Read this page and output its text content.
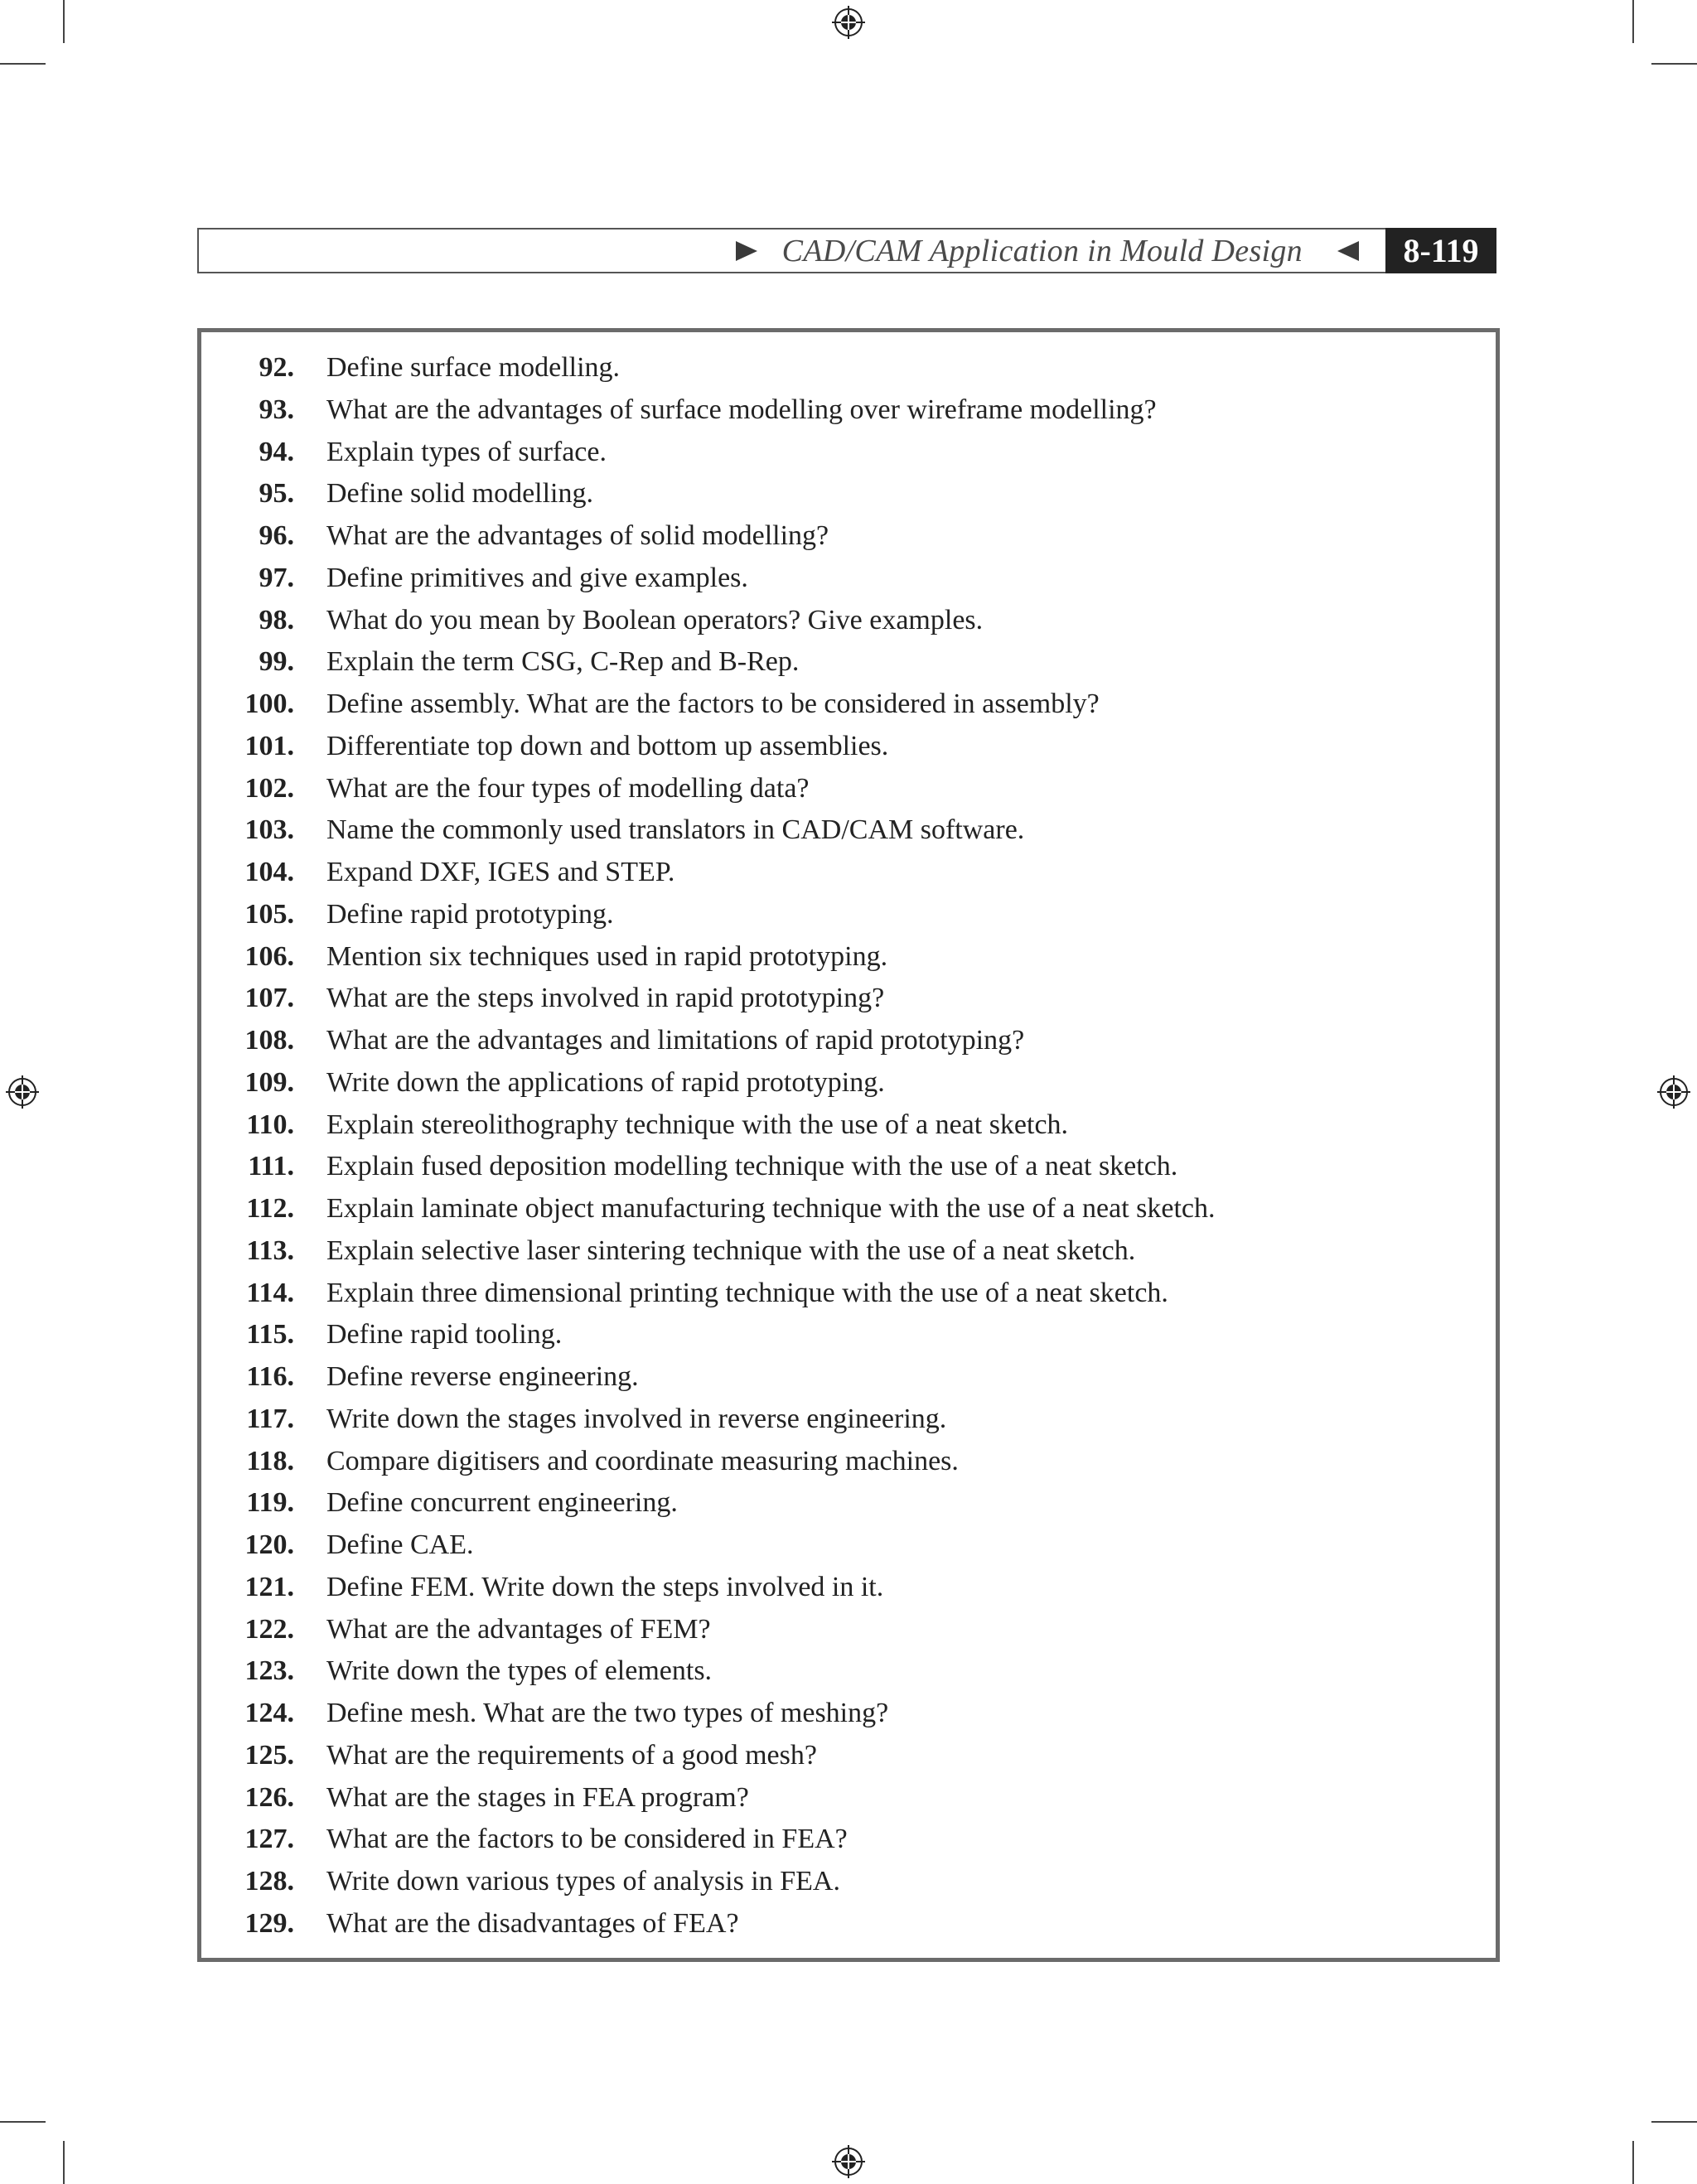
CAD/CAM Application in Mould Design	8-119
92. Define surface modelling.
93. What are the advantages of surface modelling over wireframe modelling?
94. Explain types of surface.
95. Define solid modelling.
96. What are the advantages of solid modelling?
97. Define primitives and give examples.
98. What do you mean by Boolean operators? Give examples.
99. Explain the term CSG, C-Rep and B-Rep.
100. Define assembly. What are the factors to be considered in assembly?
101. Differentiate top down and bottom up assemblies.
102. What are the four types of modelling data?
103. Name the commonly used translators in CAD/CAM software.
104. Expand DXF, IGES and STEP.
105. Define rapid prototyping.
106. Mention six techniques used in rapid prototyping.
107. What are the steps involved in rapid prototyping?
108. What are the advantages and limitations of rapid prototyping?
109. Write down the applications of rapid prototyping.
110. Explain stereolithography technique with the use of a neat sketch.
111. Explain fused deposition modelling technique with the use of a neat sketch.
112. Explain laminate object manufacturing technique with the use of a neat sketch.
113. Explain selective laser sintering technique with the use of a neat sketch.
114. Explain three dimensional printing technique with the use of a neat sketch.
115. Define rapid tooling.
116. Define reverse engineering.
117. Write down the stages involved in reverse engineering.
118. Compare digitisers and coordinate measuring machines.
119. Define concurrent engineering.
120. Define CAE.
121. Define FEM. Write down the steps involved in it.
122. What are the advantages of FEM?
123. Write down the types of elements.
124. Define mesh. What are the two types of meshing?
125. What are the requirements of a good mesh?
126. What are the stages in FEA program?
127. What are the factors to be considered in FEA?
128. Write down various types of analysis in FEA.
129. What are the disadvantages of FEA?
